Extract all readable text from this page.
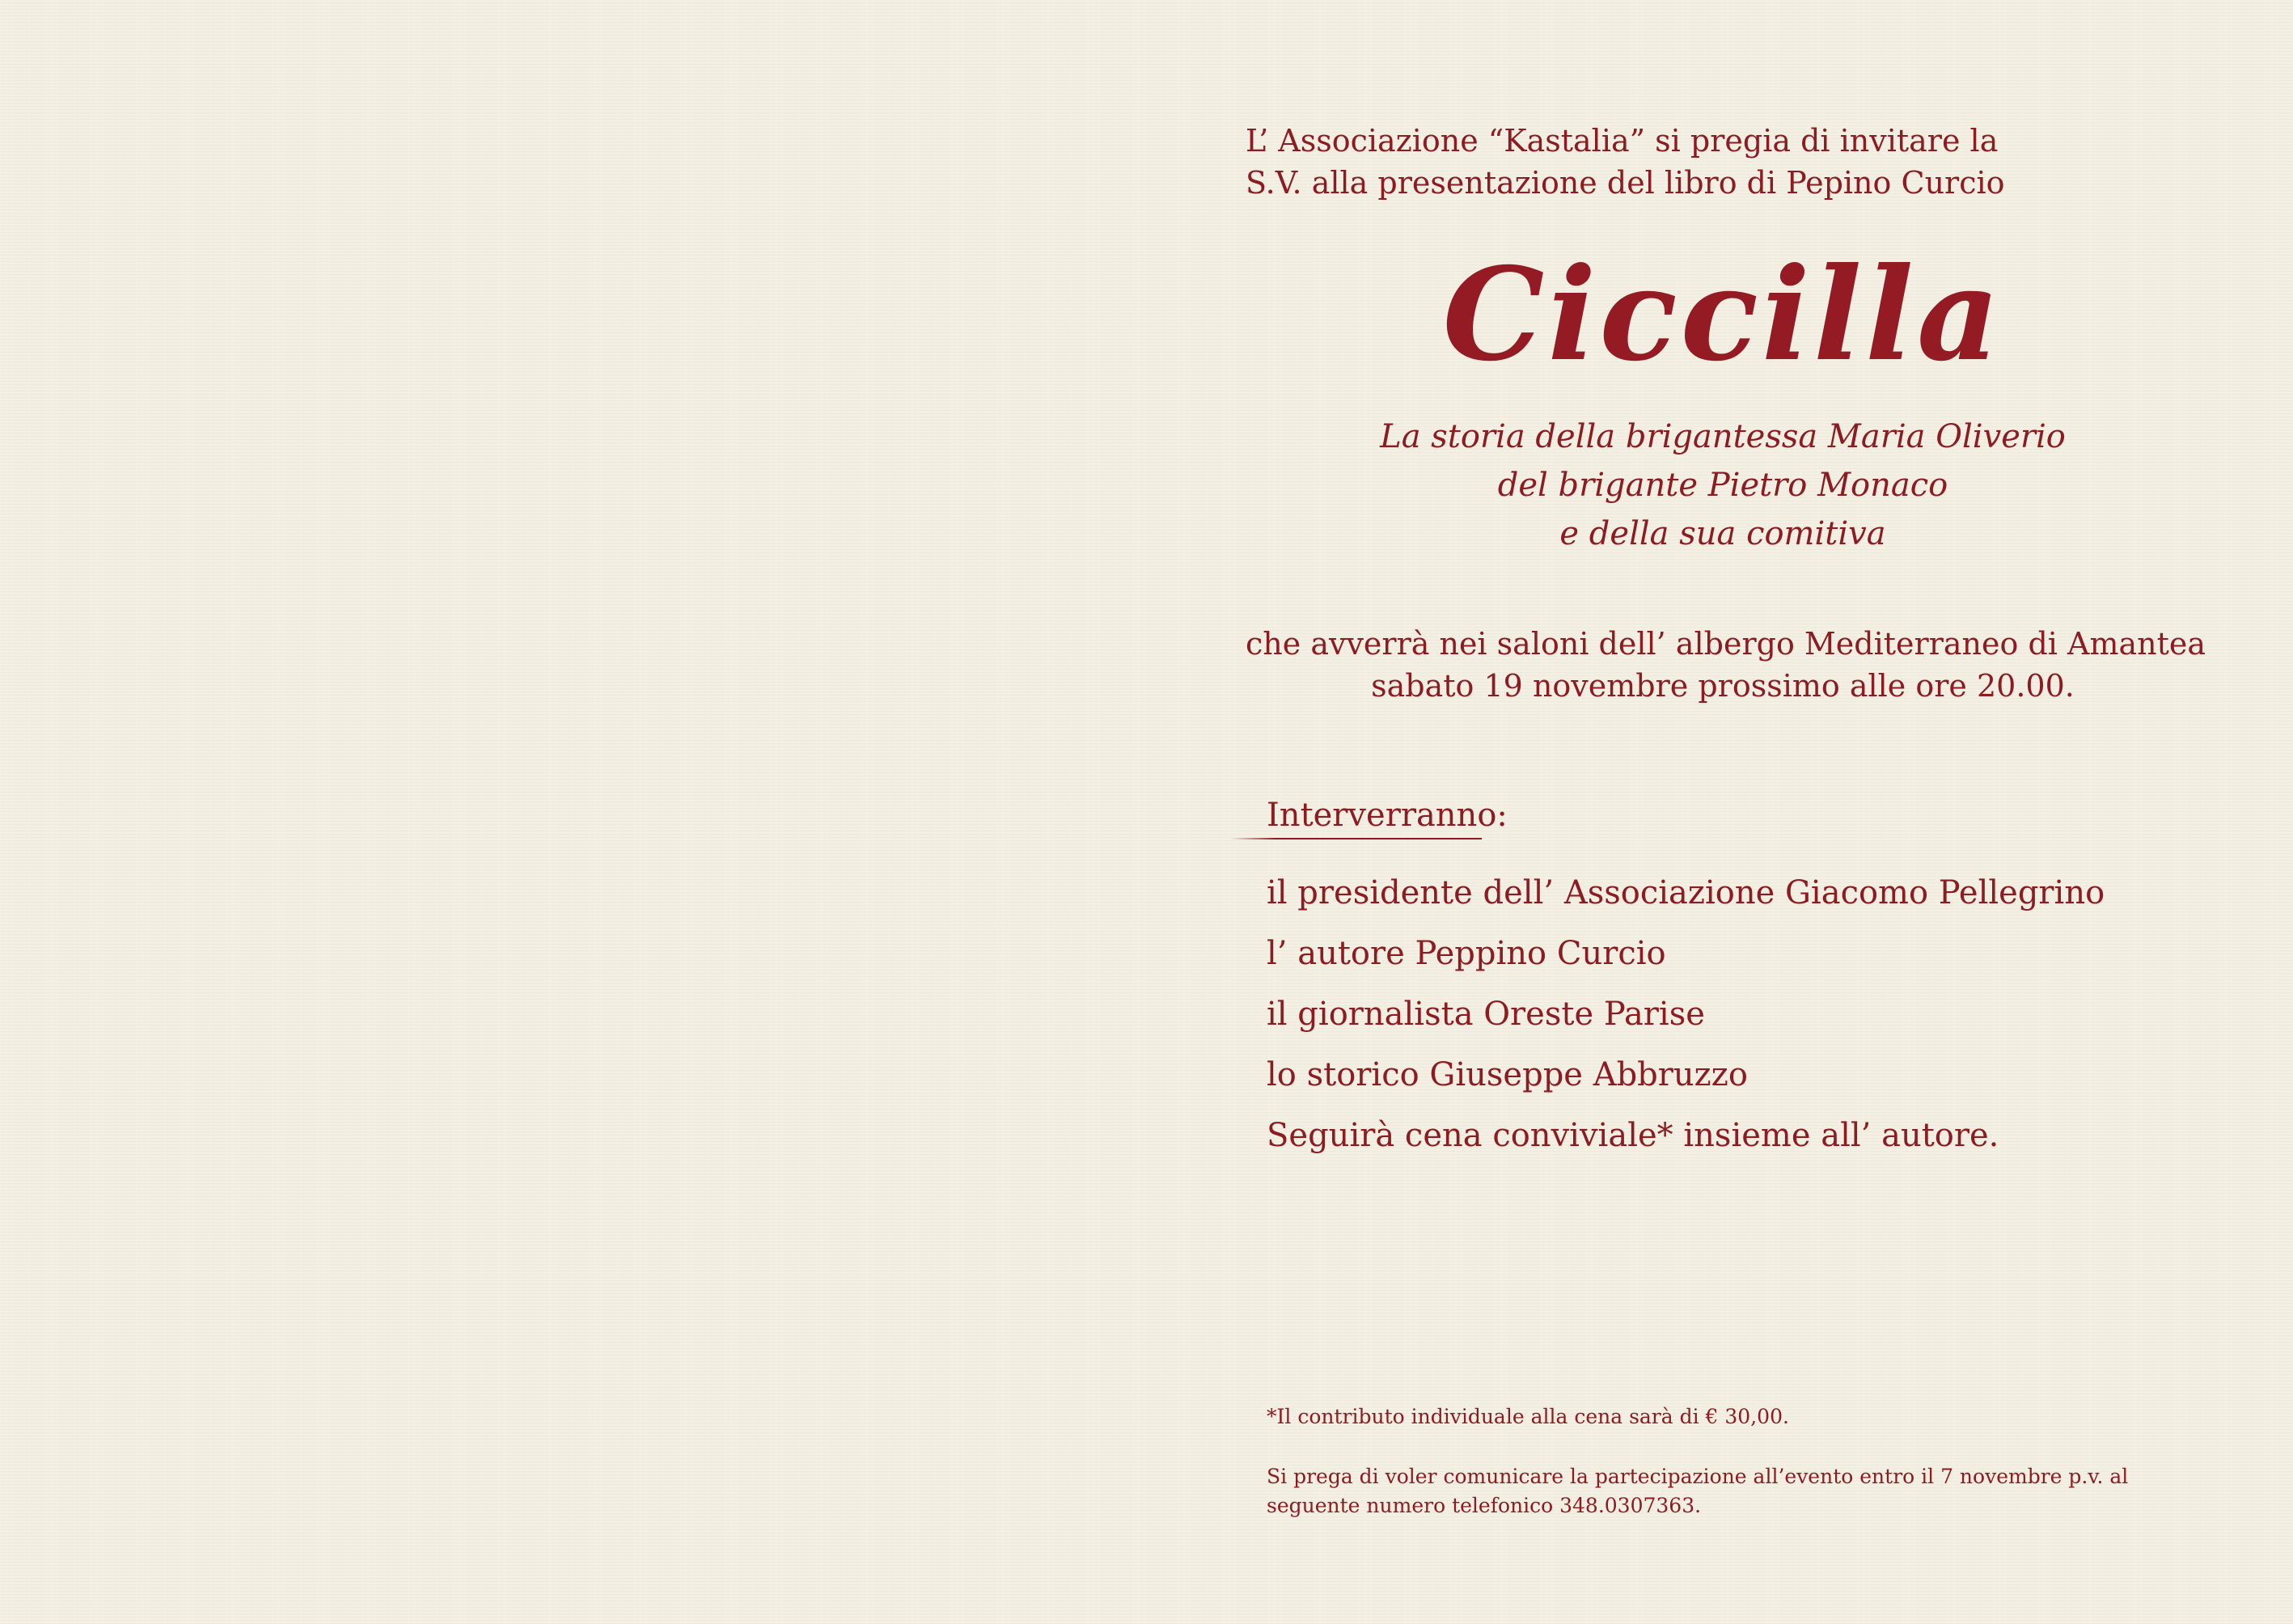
L’ Associazione “Kastalia” si pregia di invitare la
S.V. alla presentazione del libro di Pepino Curcio

Ciccilla

La storia della brigantessa Maria Oliverio
del brigante Pietro Monaco
e della sua comitiva

che avverrà nei saloni dell’ albergo Mediterraneo di Amantea
sabato 19 novembre prossimo alle ore 20.00.

Interverranno:

il presidente dell’ Associazione Giacomo Pellegrino
l’ autore Peppino Curcio
il giornalista Oreste Parise
lo storico Giuseppe Abbruzzo
Seguirà cena conviviale* insieme all’ autore.

*Il contributo individuale alla cena sarà di € 30,00.

Si prega di voler comunicare la partecipazione all’evento entro il 7 novembre p.v. al
seguente numero telefonico 348.0307363.
